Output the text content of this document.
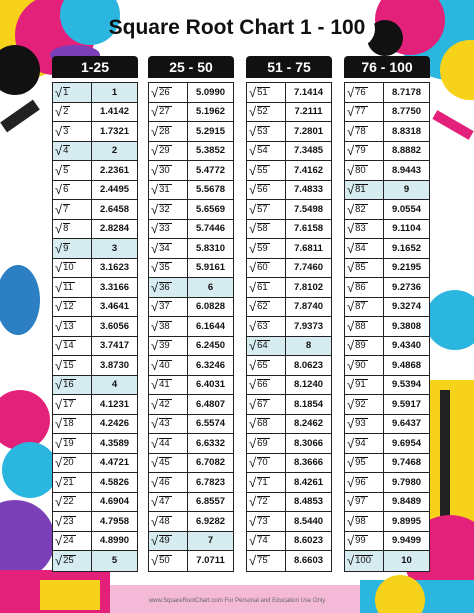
Square Root Chart 1 - 100
1-25
√ 1	1
√ 2	1.4142
√ 3	1.7321
√ 4	2
√ 5	2.2361
√ 6	2.4495
√ 7	2.6458
√ 8	2.8284
√ 9	3
√ 10	3.1623
√ 11	3.3166
√ 12	3.4641
√ 13	3.6056
√ 14	3.7417
√ 15	3.8730
√ 16	4
√ 17	4.1231
√ 18	4.2426
√ 19	4.3589
√ 20	4.4721
√ 21	4.5826
√ 22	4.6904
√ 23	4.7958
√ 24	4.8990
√ 25	5
25 - 50
√ 26	5.0990
√ 27	5.1962
√ 28	5.2915
√ 29	5.3852
√ 30	5.4772
√ 31	5.5678
√ 32	5.6569
√ 33	5.7446
√ 34	5.8310
√ 35	5.9161
√ 36	6
√ 37	6.0828
√ 38	6.1644
√ 39	6.2450
√ 40	6.3246
√ 41	6.4031
√ 42	6.4807
√ 43	6.5574
√ 44	6.6332
√ 45	6.7082
√ 46	6.7823
√ 47	6.8557
√ 48	6.9282
√ 49	7
√ 50	7.0711
51 - 75
√ 51	7.1414
√ 52	7.2111
√ 53	7.2801
√ 54	7.3485
√ 55	7.4162
√ 56	7.4833
√ 57	7.5498
√ 58	7.6158
√ 59	7.6811
√ 60	7.7460
√ 61	7.8102
√ 62	7.8740
√ 63	7.9373
√ 64	8
√ 65	8.0623
√ 66	8.1240
√ 67	8.1854
√ 68	8.2462
√ 69	8.3066
√ 70	8.3666
√ 71	8.4261
√ 72	8.4853
√ 73	8.5440
√ 74	8.6023
√ 75	8.6603
76 - 100
√ 76	8.7178
√ 77	8.7750
√ 78	8.8318
√ 79	8.8882
√ 80	8.9443
√ 81	9
√ 82	9.0554
√ 83	9.1104
√ 84	9.1652
√ 85	9.2195
√ 86	9.2736
√ 87	9.3274
√ 88	9.3808
√ 89	9.4340
√ 90	9.4868
√ 91	9.5394
√ 92	9.5917
√ 93	9.6437
√ 94	9.6954
√ 95	9.7468
√ 96	9.7980
√ 97	9.8489
√ 98	9.8995
√ 99	9.9499
√ 100	10
www.SquareRootChart.com For Personal and Education Use Only
